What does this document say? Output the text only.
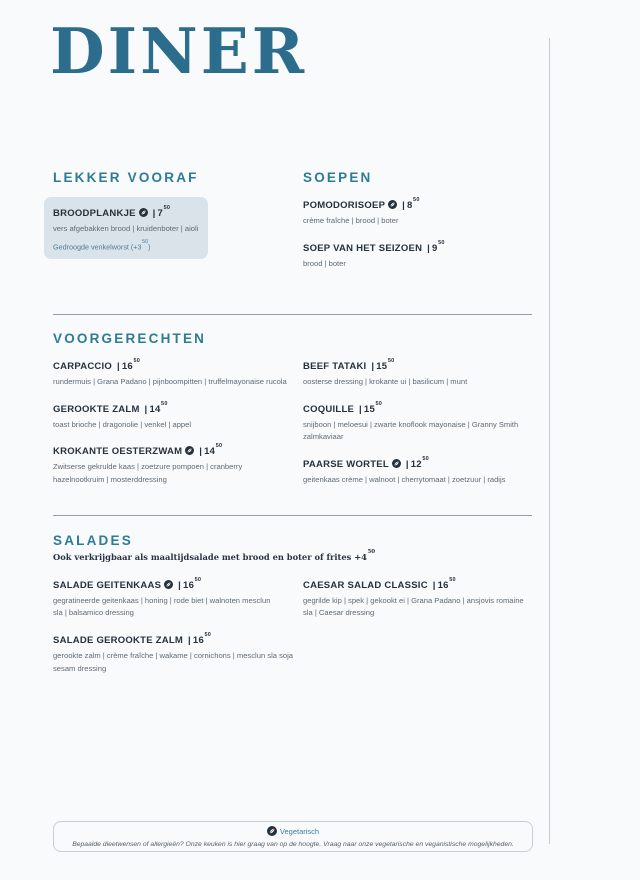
DINER
LEKKER VOORAF
BROODPLANKJE | $7^{50}$
vers afgebakken brood | kruidenboter | aioli
Gedroogde venkelworst $(+3^{50})$
SOEPEN
POMODORISOEP | $8^{50}$
crème fraîche | brood | boter
SOEP VAN HET SEIZOEN | $9^{50}$
brood | boter
VOORGERECHTEN
CARPACCIO | $16^{50}$
rundermuis | Grana Padano | pijnboompitten | truffelmayonaise rucola
GEROOKTE ZALM | $14^{50}$
toast brioche | dragonolie | venkel | appel
KROKANTE OESTERZWAM | $14^{50}$
Zwitserse gekrulde kaas | zoetzure pompoen | cranberry hazelnootkruim | mosterddressing
BEEF TATAKI | $15^{50}$
oosterse dressing | krokante ui | basilicum | munt
COQUILLE | $15^{50}$
snijboon | meloesui | zwarte knoflook mayonaise | Granny Smith zalmkaviaar
PAARSE WORTEL | $12^{50}$
geitenkaas crème | walnoot | cherrytomaat | zoetzuur | radijs
SALADES
Ook verkrijgbaar als maaltijdsalade met brood en boter of frites $+4^{50}$
SALADE GEITENKAAS | $16^{50}$
gegratineerde geitenkaas | honing | rode biet | walnoten mesclun sla | balsamico dressing
SALADE GEROOKTE ZALM | $16^{50}$
gerookte zalm | crème fraîche | wakame | cornichons | mesclun sla soja sesam dressing
CAESAR SALAD CLASSIC | $16^{50}$
gegrilde kip | spek | gekookt ei | Grana Padano | ansjovis romaine sla | Caesar dressing
Vegetarisch
Bepaalde dieetwensen of allergieën? Onze keuken is hier graag van op de hoogte. Vraag naar onze vegetarische en veganistische mogelijkheden.
